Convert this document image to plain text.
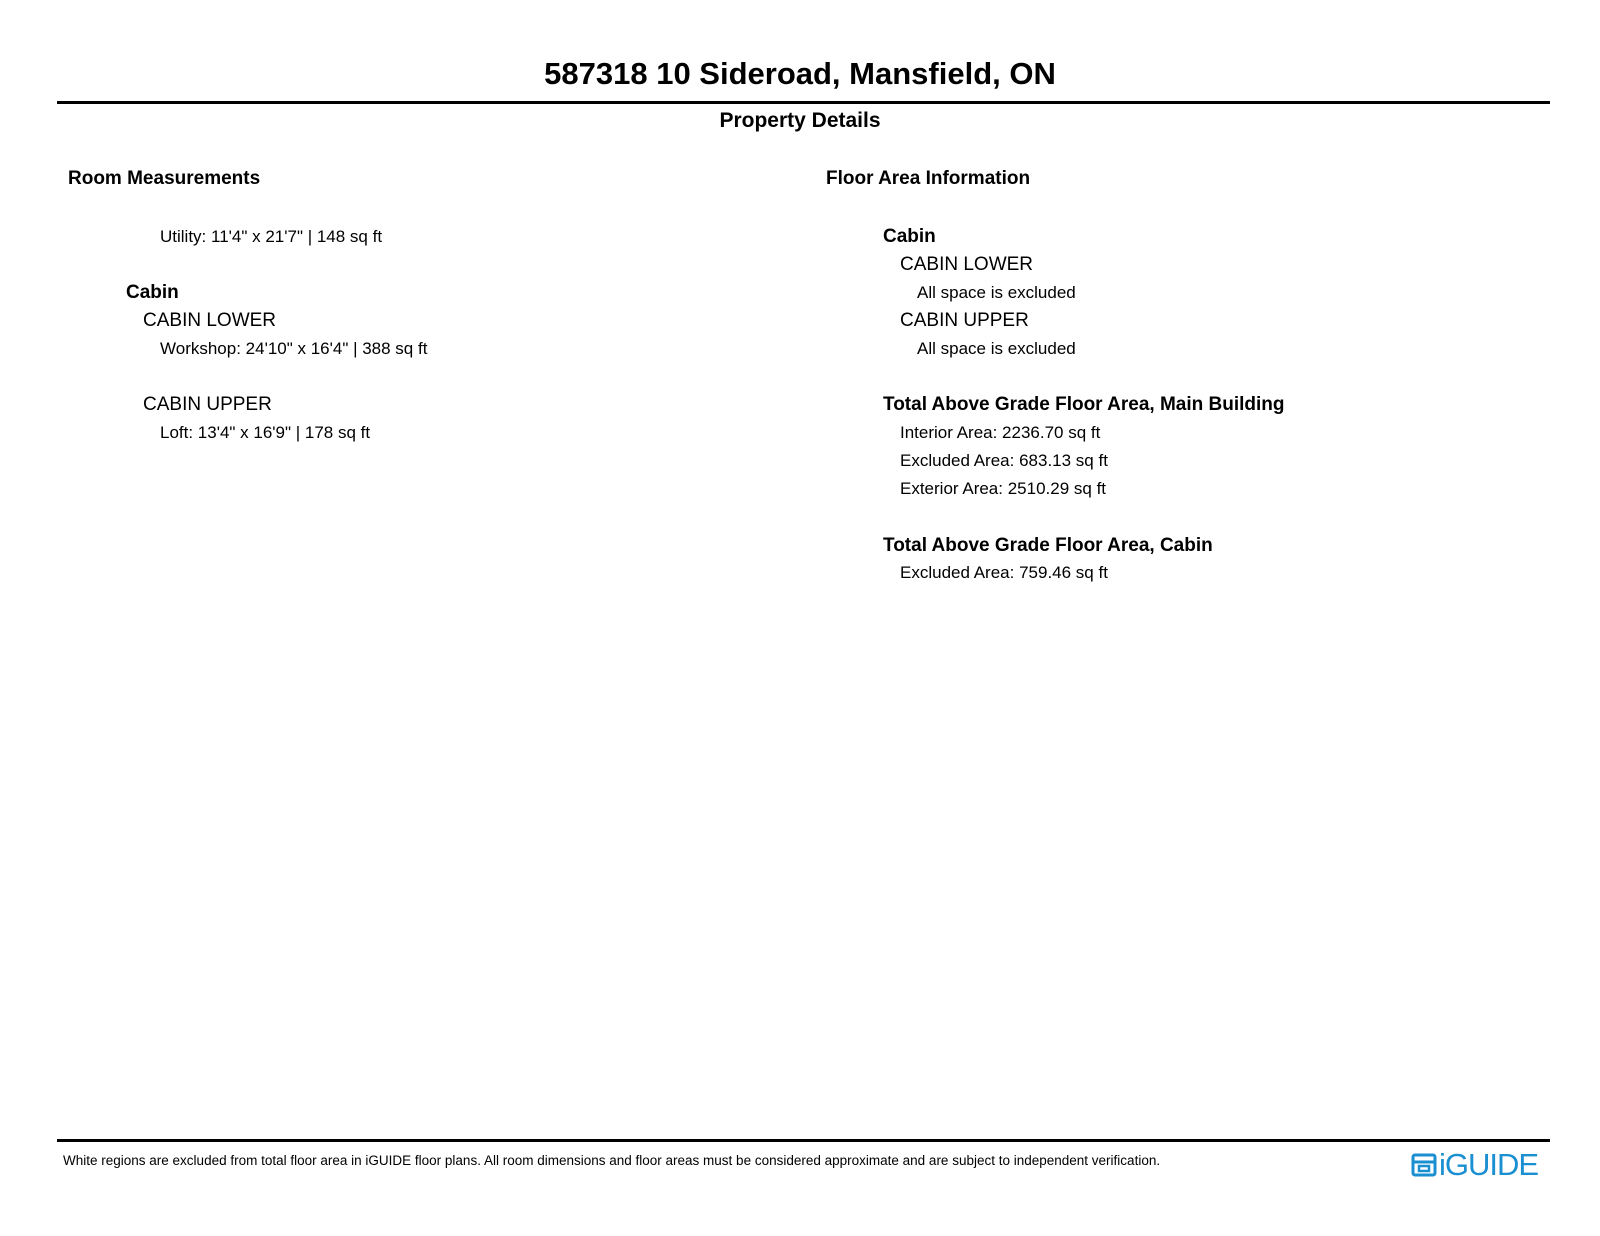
587318 10 Sideroad, Mansfield, ON
Property Details
Room Measurements
Utility: 11'4" x 21'7" | 148 sq ft
Cabin
CABIN LOWER
Workshop: 24'10" x 16'4" | 388 sq ft
CABIN UPPER
Loft: 13'4" x 16'9" | 178 sq ft
Floor Area Information
Cabin
CABIN LOWER
All space is excluded
CABIN UPPER
All space is excluded
Total Above Grade Floor Area, Main Building
Interior Area: 2236.70 sq ft
Excluded Area: 683.13 sq ft
Exterior Area: 2510.29 sq ft
Total Above Grade Floor Area, Cabin
Excluded Area: 759.46 sq ft
White regions are excluded from total floor area in iGUIDE floor plans. All room dimensions and floor areas must be considered approximate and are subject to independent verification.	iGUIDE
